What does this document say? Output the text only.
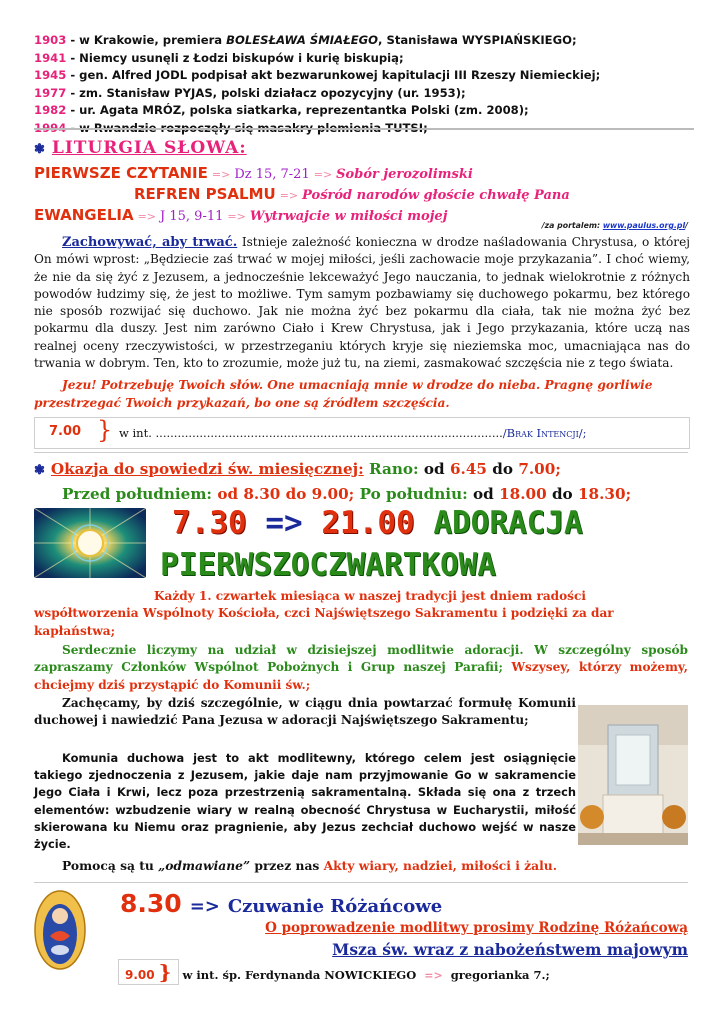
1903 - w Krakowie, premiera BOLESŁAWA ŚMIAŁEGO, Stanisława WYSPIAŃSKIEGO;
1941 - Niemcy usunęli z Łodzi biskupów i kurię biskupią;
1945 - gen. Alfred JODL podpisał akt bezwarunkowej kapitulacji III Rzeszy Niemieckiej;
1977 - zm. Stanisław PYJAS, polski działacz opozycyjny (ur. 1953);
1982 - ur. Agata MRÓZ, polska siatkarka, reprezentantka Polski (zm. 2008);
❃ LITURGIA SŁOWA:
PIERWSZE CZYTANIE => Dz 15, 7-21 => Sobór jerozolimski
REFREN PSALMU => Pośród narodów głoście chwałę Pana
EWANGELIA => J 15, 9-11 => Wytrwajcie w miłości mojej
/za portalem: www.paulus.org.pl/
Zachowywać, aby trwać. Istnieje zależność konieczna w drodze naśladowania Chrystusa, o której On mówi wprost: „Będziecie zaś trwać w mojej miłości, jeśli zachowacie moje przykazania”. I choć wiemy, że nie da się żyć z Jezusem, a jednocześnie lekceważyć Jego nauczania, to jednak wielokrotnie z różnych powodów łudzimy się, że jest to możliwe. Tym samym pozbawiamy się duchowego pokarmu, bez którego nie sposób rozwijać się duchowo. Jak nie można żyć bez pokarmu dla ciała, tak nie można żyć bez pokarmu dla duszy. Jest nim zarówno Ciało i Krew Chrystusa, jak i Jego przykazania, które uczą nas realnej oceny rzeczywistości, w przestrzeganiu których kryje się nieziemska moc, umacniająca nas do trwania w dobrym. Ten, kto to zrozumie, może już tu, na ziemi, zasmakować szczęścia nie z tego świata.
Jezu! Potrzebuję Twoich słów. One umacniają mnie w drodze do nieba. Pragnę gorliwie przestrzegać Twoich przykazań, bo one są źródłem szczęścia.
7.00 } w int. .............................................................................................../Brak Intencji/;
❃ Okazja do spowiedzi św. miesięcznej: Rano: od 6.45 do 7.00;
Przed południem: od 8.30 do 9.00; Po południu: od 18.00 do 18.30;
7.30 => 21.00 ADORACJA
PIERWSZOCZWARTKOWA
Każdy 1. czwartek miesiąca w naszej tradycji jest dniem radości współtworzenia Wspólnoty Kościoła, czci Najświętszego Sakramentu i podzięki za dar kapłaństwa;
Serdecznie liczymy na udział w dzisiejszej modlitwie adoracji. W szczególny sposób zapraszamy Członków Wspólnot Pobożnych i Grup naszej Parafii; Wszysey, którzy możemy, chciejmy dziś przystąpić do Komunii św.;
Zachęcamy, by dziś szczególnie, w ciągu dnia powtarzać formułę Komunii duchowej i nawiedzić Pana Jezusa w adoracji Najświętszego Sakramentu;
Komunia duchowa jest to akt modlitewny, którego celem jest osiągnięcie takiego zjednoczenia z Jezusem, jakie daje nam przyjmowanie Go w sakramencie Jego Ciała i Krwi, lecz poza przestrzenią sakramentalną. Składa się ona z trzech elementów: wzbudzenie wiary w realną obecność Chrystusa w Eucharystii, miłość skierowana ku Niemu oraz pragnienie, aby Jezus zechciał duchowo wejść w nasze życie.
Pomocą są tu „odmawiane” przez nas Akty wiary, nadziei, miłości i żalu.
8.30 => Czuwanie Różańcowe
O poprowadzenie modlitwy prosimy Rodzinę Różańcową
Msza św. wraz z nabożeństwem majowym
9.00 } w int. śp. Ferdynanda NOWICKIEGO => gregorianka 7.;
